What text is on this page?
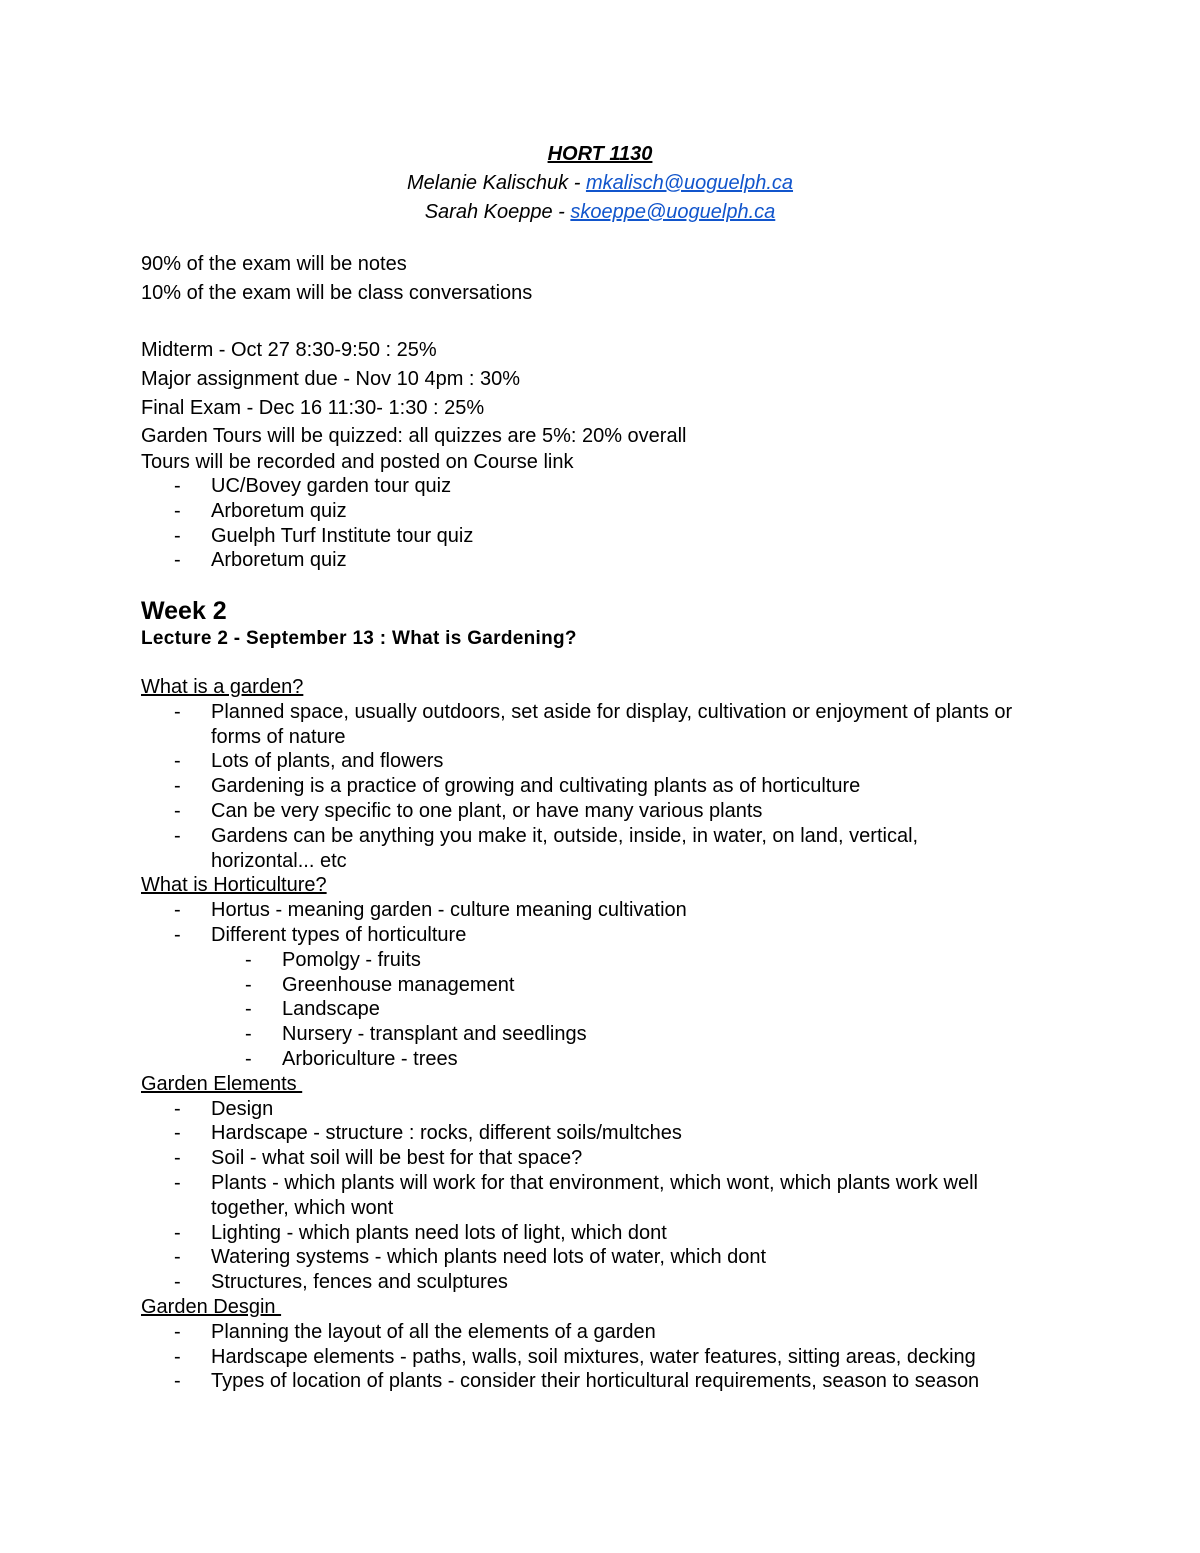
HORT 1130
Melanie Kalischuk - mkalisch@uoguelph.ca
Sarah Koeppe - skoeppe@uoguelph.ca
90% of the exam will be notes
10% of the exam will be class conversations
Midterm - Oct 27 8:30-9:50 : 25%
Major assignment due - Nov 10 4pm : 30%
Final Exam - Dec 16 11:30- 1:30 : 25%
Garden Tours will be quizzed: all quizzes are 5%: 20% overall
Tours will be recorded and posted on Course link
- UC/Bovey garden tour quiz
- Arboretum quiz
- Guelph Turf Institute tour quiz
- Arboretum quiz
Week 2
Lecture 2 - September 13 : What is Gardening?
What is a garden?
- Planned space, usually outdoors, set aside for display, cultivation or enjoyment of plants or forms of nature
- Lots of plants, and flowers
- Gardening is a practice of growing and cultivating plants as of horticulture
- Can be very specific to one plant, or have many various plants
- Gardens can be anything you make it, outside, inside, in water, on land, vertical, horizontal... etc
What is Horticulture?
- Hortus - meaning garden - culture meaning cultivation
- Different types of horticulture
- Pomolgy - fruits
- Greenhouse management
- Landscape
- Nursery - transplant and seedlings
- Arboriculture - trees
Garden Elements
- Design
- Hardscape - structure : rocks, different soils/multches
- Soil - what soil will be best for that space?
- Plants - which plants will work for that environment, which wont, which plants work well together, which wont
- Lighting - which plants need lots of light, which dont
- Watering systems - which plants need lots of water, which dont
- Structures, fences and sculptures
Garden Desgin
- Planning the layout of all the elements of a garden
- Hardscape elements - paths, walls, soil mixtures, water features, sitting areas, decking
- Types of location of plants - consider their horticultural requirements, season to season
